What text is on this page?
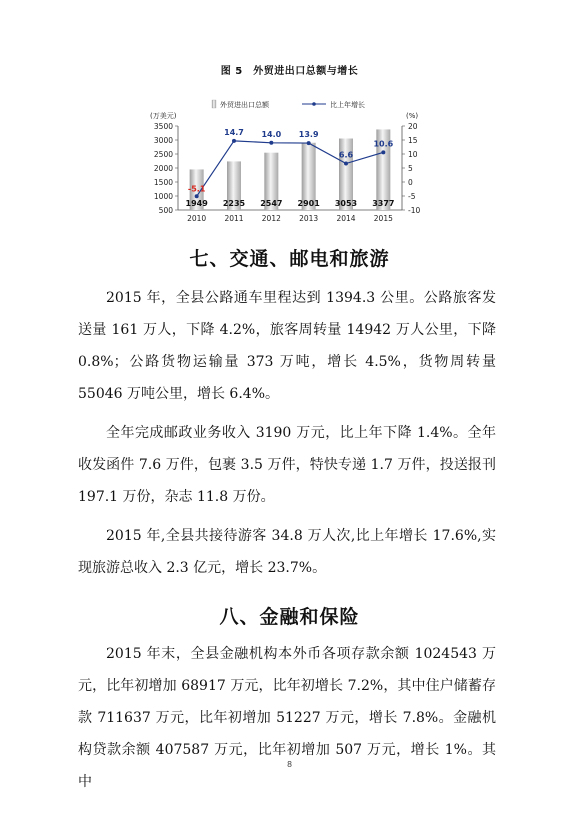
图 5　外贸进出口总额与增长
3500
3000
2500
2000
1500
1000
500
20
15
10
5
0
-5
-10
(万美元)	(%)
外贸进出口总额	比上年增长
1949 2235 2547 2901 3053 3377
2010 2011 2012 2013 2014 2015
-5.1
14.7 14.0 13.9
6.6
10.6
七、交通、邮电和旅游

2015 年，全县公路通车里程达到 1394.3 公里。公路旅客发送量 161 万人，下降 4.2%，旅客周转量 14942 万人公里，下降 0.8%；公路货物运输量 373 万吨，增长 4.5%，货物周转量 55046 万吨公里，增长 6.4%。

全年完成邮政业务收入 3190 万元，比上年下降 1.4%。全年收发函件 7.6 万件，包裹 3.5 万件，特快专递 1.7 万件，投送报刊 197.1 万份，杂志 11.8 万份。

2015 年,全县共接待游客 34.8 万人次,比上年增长 17.6%,实现旅游总收入 2.3 亿元，增长 23.7%。

八、金融和保险

2015 年末，全县金融机构本外币各项存款余额 1024543 万元，比年初增加 68917 万元，比年初增长 7.2%，其中住户储蓄存款 711637 万元，比年初增加 51227 万元，增长 7.8%。金融机构贷款余额 407587 万元，比年初增加 507 万元，增长 1%。其中

8
